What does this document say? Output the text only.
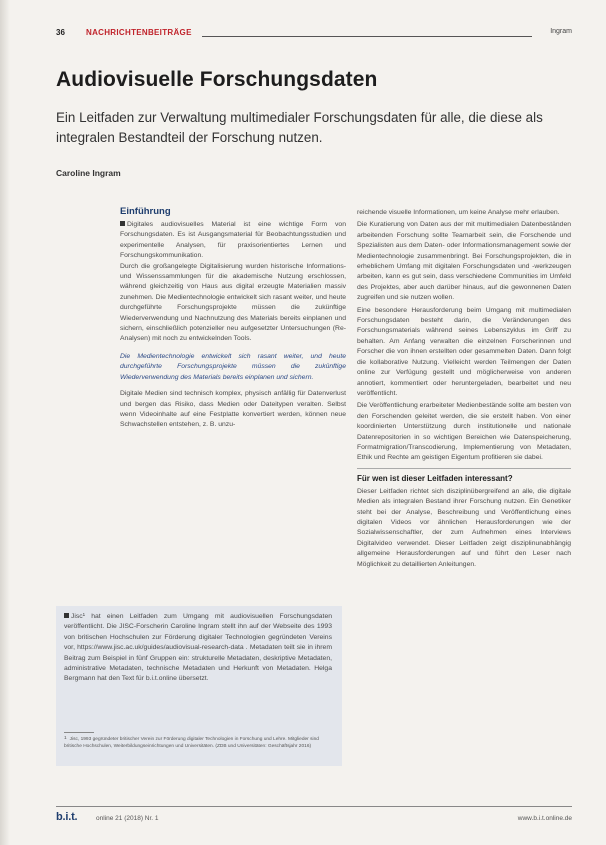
36	NACHRICHTENBEITRÄGE	Ingram
Audiovisuelle Forschungsdaten
Ein Leitfaden zur Verwaltung multimedialer Forschungsdaten für alle, die diese als integralen Bestandteil der Forschung nutzen.

Caroline Ingram

Einführung

Digitales audiovisuelles Material ist eine wichtige Form von Forschungsdaten. Es ist Ausgangsmaterial für Beobachtungsstudien und experimentelle Analysen, für praxisorientiertes Lernen und Forschungskommunikation.

Durch die großangelegte Digitalisierung wurden historische Informations- und Wissenssammlungen für die akademische Nutzung erschlossen, während gleichzeitig von Haus aus digital erzeugte Materialien massiv zunehmen. Die Medientechnologie entwickelt sich rasant weiter, und heute durchgeführte Forschungsprojekte müssen die zukünftige Wiederverwendung und Nachnutzung des Materials bereits einplanen und sichern, einschließlich potenzieller neu aufgesetzter Untersuchungen (Re-Analysen) mit noch zu entwickelnden Tools.

Die Medientechnologie entwickelt sich rasant weiter, und heute durchgeführte Forschungsprojekte müssen die zukünftige Wiederverwendung des Materials bereits einplanen und sichern.

Digitale Medien sind technisch komplex, physisch anfällig für Datenverlust und bergen das Risiko, dass Medien oder Dateitypen veralten. Selbst wenn Videoinhalte auf eine Festplatte konvertiert werden, können neue Schwachstellen entstehen, z. B. unzu-

Jisc¹ hat einen Leitfaden zum Umgang mit audiovisuellen Forschungsdaten veröffentlicht. Die JISC-Forscherin Caroline Ingram stellt ihn auf der Webseite des 1993 von britischen Hochschulen zur Förderung digitaler Technologien gegründeten Vereins vor, https://www.jisc.ac.uk/guides/audiovisual-research-data . Metadaten teilt sie in ihrem Beitrag zum Beispiel in fünf Gruppen ein: strukturelle Metadaten, deskriptive Metadaten, administrative Metadaten, technische Metadaten und Herkunft von Metadaten. Helga Bergmann hat den Text für b.i.t.online übersetzt.

1 Jisc, 1993 gegründeter britischer Verein zur Förderung digitaler Technologien in Forschung und Lehre. Mitglieder sind britische Hochschulen, Weiterbildungseinrichtungen und Universitäten. (ZDB und Universitäten: Geschäftsjahr 2016)

reichende visuelle Informationen, um keine Analyse mehr erlauben.

Die Kuratierung von Daten aus der mit multimedialen Datenbeständen arbeitenden Forschung sollte Teamarbeit sein, die Forschende und Spezialisten aus dem Daten- oder Informationsmanagement sowie der Medientechnologie zusammenbringt. Bei Forschungsprojekten, die in erheblichem Umfang mit digitalen Forschungsdaten und -werkzeugen arbeiten, kann es gut sein, dass verschiedene Communities im Umfeld des Projektes, aber auch darüber hinaus, auf die gewonnenen Daten zugreifen und sie nutzen wollen.

Eine besondere Herausforderung beim Umgang mit multimedialen Forschungsdaten besteht darin, die Veränderungen des Forschungsmaterials während seines Lebenszyklus im Griff zu behalten. Am Anfang verwalten die einzelnen Forscherinnen und Forscher die von ihnen erstellten oder gesammelten Daten. Dann folgt die kollaborative Nutzung. Vielleicht werden Teilmengen der Daten online zur Verfügung gestellt und möglicherweise von anderen annotiert, kommentiert oder heruntergeladen, bearbeitet und neu veröffentlicht.

Die Veröffentlichung erarbeiteter Medienbestände sollte am besten von den Forschenden geleitet werden, die sie erstellt haben. Von einer koordinierten Unterstützung durch institutionelle und nationale Datenrepositorien in so wichtigen Bereichen wie Datenspeicherung, Formatmigration/Transcodierung, Implementierung von Metadaten, Ethik und Rechte am geistigen Eigentum profitieren sie dabei.

Für wen ist dieser Leitfaden interessant?

Dieser Leitfaden richtet sich disziplinübergreifend an alle, die digitale Medien als integralen Bestand ihrer Forschung nutzen. Ein Genetiker steht bei der Analyse, Beschreibung und Veröffentlichung eines digitalen Videos vor ähnlichen Herausforderungen wie der Sozialwissenschaftler, der zum Aufnehmen eines Interviews Digitalvideo verwendet. Dieser Leitfaden zeigt disziplinunabhängig allgemeine Herausforderungen auf und führt den Leser nach Möglichkeit zu detaillierten Anleitungen.

b.i.t.	online 21 (2018) Nr. 1	www.b.i.t.online.de
